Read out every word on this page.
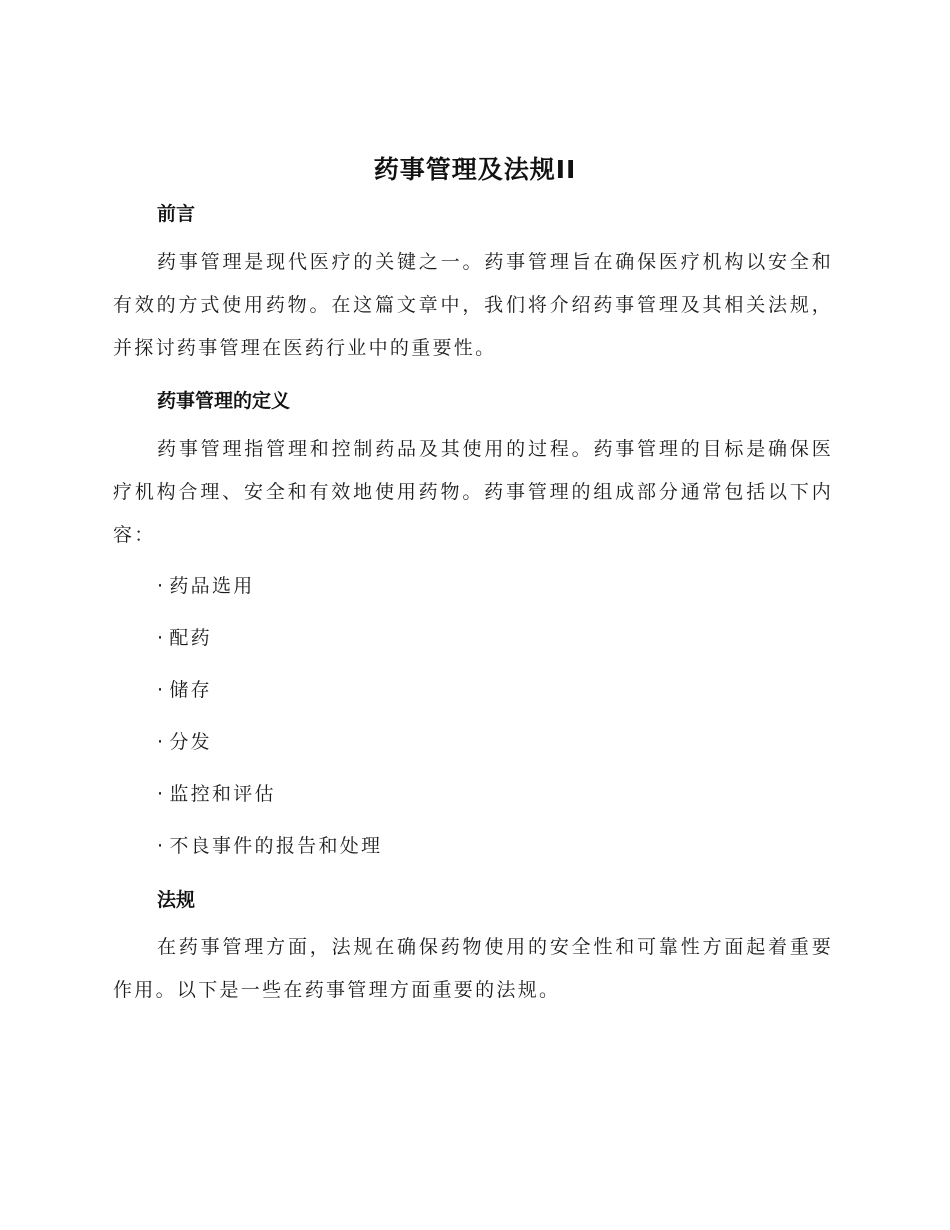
药事管理及法规II
前言

药事管理是现代医疗的关键之一。药事管理旨在确保医疗机构以安全和有效的方式使用药物。在这篇文章中，我们将介绍药事管理及其相关法规，并探讨药事管理在医药行业中的重要性。

药事管理的定义

药事管理指管理和控制药品及其使用的过程。药事管理的目标是确保医疗机构合理、安全和有效地使用药物。药事管理的组成部分通常包括以下内容：

· 药品选用
· 配药
· 储存
· 分发
· 监控和评估
· 不良事件的报告和处理
法规

在药事管理方面，法规在确保药物使用的安全性和可靠性方面起着重要作用。以下是一些在药事管理方面重要的法规。
